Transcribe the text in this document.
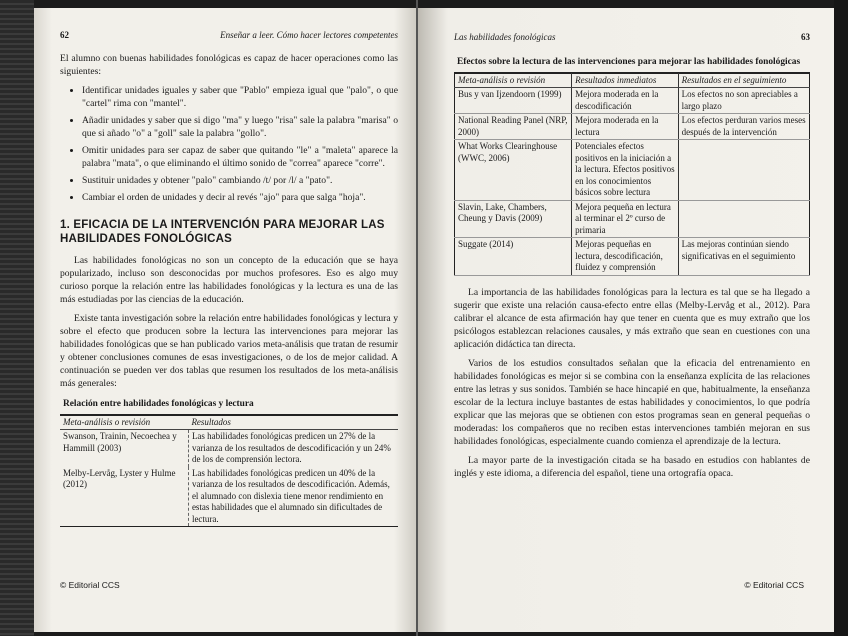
62	Enseñar a leer. Cómo hacer lectores competentes

El alumno con buenas habilidades fonológicas es capaz de hacer operaciones como las siguientes:

• Identificar unidades iguales y saber que "Pablo" empieza igual que "palo", o que "cartel" rima con "mantel".
• Añadir unidades y saber que si digo "ma" y luego "risa" sale la palabra "marisa" o que si añado "o" a "goll" sale la palabra "gollo".
• Omitir unidades para ser capaz de saber que quitando "le" a "maleta" aparece la palabra "mata", o que eliminando el último sonido de "correa" aparece "corre".
• Sustituir unidades y obtener "palo" cambiando /t/ por /l/ a "pato".
• Cambiar el orden de unidades y decir al revés "ajo" para que salga "hoja".
1. EFICACIA DE LA INTERVENCIÓN PARA MEJORAR LAS HABILIDADES FONOLÓGICAS

Las habilidades fonológicas no son un concepto de la educación que se haya popularizado, incluso son desconocidas por muchos profesores. Eso es algo muy curioso porque la relación entre las habilidades fonológicas y la lectura es una de las más estudiadas por las ciencias de la educación.

Existe tanta investigación sobre la relación entre habilidades fonológicas y lectura y sobre el efecto que producen sobre la lectura las intervenciones para mejorar las habilidades fonológicas que se han publicado varios meta-análisis que tratan de resumir y obtener conclusiones comunes de esas investigaciones, o de los de mejor calidad. A continuación se pueden ver dos tablas que resumen los resultados de los meta-análisis más generales:

Relación entre habilidades fonológicas y lectura
Meta-análisis o revisión	Resultados
Swanson, Trainin, Necoechea y Hammill (2003)	Las habilidades fonológicas predicen un 27% de la varianza de los resultados de descodificación y un 24% de los de comprensión lectora.
Melby-Lervåg, Lyster y Hulme (2012)	Las habilidades fonológicas predicen un 40% de la varianza de los resultados de descodificación. Además, el alumnado con dislexia tiene menor rendimiento en estas habilidades que el alumnado sin dificultades de lectura.
© Editorial CCS
Las habilidades fonológicas	63
Efectos sobre la lectura de las intervenciones para mejorar las habilidades fonológicas
Meta-análisis o revisión	Resultados inmediatos	Resultados en el seguimiento
Bus y van Ijzendoorn (1999)	Mejora moderada en la descodificación	Los efectos no son apreciables a largo plazo
National Reading Panel (NRP, 2000)	Mejora moderada en la lectura	Los efectos perduran varios meses después de la intervención
What Works Clearinghouse (WWC, 2006)	Potenciales efectos positivos en la iniciación a la lectura. Efectos positivos en los conocimientos básicos sobre lectura	
Slavin, Lake, Chambers, Cheung y Davis (2009)	Mejora pequeña en lectura al terminar el 2º curso de primaria	
Suggate (2014)	Mejoras pequeñas en lectura, descodificación, fluidez y comprensión	Las mejoras continúan siendo significativas en el seguimiento

La importancia de las habilidades fonológicas para la lectura es tal que se ha llegado a sugerir que existe una relación causa-efecto entre ellas (Melby-Lervåg et al., 2012). Para calibrar el alcance de esta afirmación hay que tener en cuenta que es muy extraño que los psicólogos establezcan relaciones causales, y más extraño que sean en cuestiones con una aplicación didáctica tan directa.

Varios de los estudios consultados señalan que la eficacia del entrenamiento en habilidades fonológicas es mejor si se combina con la enseñanza explícita de las relaciones entre las letras y sus sonidos. También se hace hincapié en que, habitualmente, la enseñanza escolar de la lectura incluye bastantes de estas habilidades y conocimientos, lo que podría explicar que las mejoras que se obtienen con estos programas sean en general pequeñas o moderadas: los compañeros que no reciben estas intervenciones también mejoran en sus habilidades fonológicas, especialmente cuando comienza el aprendizaje de la lectura.

La mayor parte de la investigación citada se ha basado en estudios con hablantes de inglés y este idioma, a diferencia del español, tiene una ortografía opaca.

© Editorial CCS
